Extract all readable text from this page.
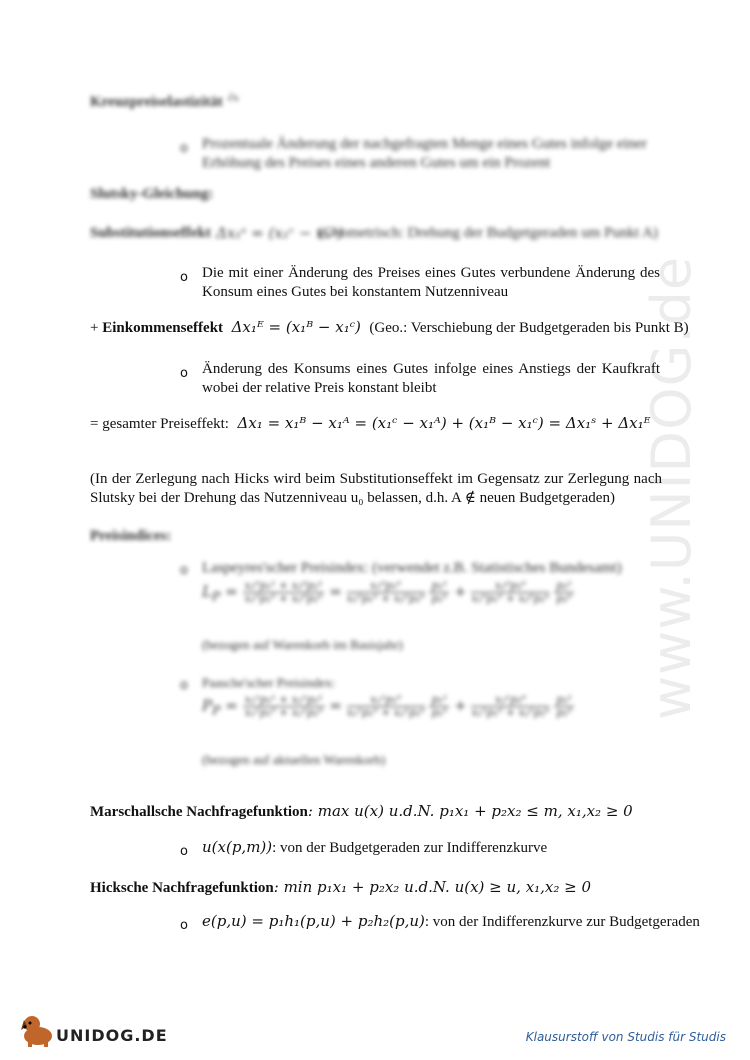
www.UNIDOG.de
Kreuzpreiselastizität ∂x
o Prozentuale Änderung der nachgefragten Menge eines Gutes infolge einer Erhöhung des Preises eines anderen Gutes um ein Prozent
Slutsky-Gleichung:
Substitutionseffekt Δx₁ˢ = (x₁ᶜ − x₁ᴬ)
(Geometrisch: Drehung der Budgetgeraden um Punkt A)
o Die mit einer Änderung des Preises eines Gutes verbundene Änderung des Konsum eines Gutes bei konstantem Nutzenniveau
+ Einkommenseffekt  Δx₁ᴱ = (x₁ᴮ − x₁ᶜ)  (Geo.: Verschiebung der Budgetgeraden bis Punkt B)
o Änderung des Konsums eines Gutes infolge eines Anstiegs der Kaufkraft wobei der relative Preis konstant bleibt
= gesamter Preiseffekt:  Δx₁ = x₁ᴮ − x₁ᴬ = (x₁ᶜ − x₁ᴬ) + (x₁ᴮ − x₁ᶜ) = Δx₁ˢ + Δx₁ᴱ
(In der Zerlegung nach Hicks wird beim Substitutionseffekt im Gegensatz zur Zerlegung nach Slutsky bei der Drehung das Nutzenniveau u₀ belassen, d.h. A ∉ neuen Budgetgeraden)
Preisindices:
o Laspeyres'scher Preisindex: (verwendet z.B. Statistisches Bundesamt)
$L_P = \frac{\text{x₁⁰p₁¹ + x₂⁰p₂¹}}{\text{x₁⁰p₁⁰ + x₂⁰p₂⁰}} = \frac{\text{x₁⁰p₁⁰}}{\text{x₁⁰p₁⁰ + x₂⁰p₂⁰}}$
$\frac{\text{p₁¹}}{\text{p₁⁰}} + \frac{\text{x₂⁰p₂⁰}}{\text{x₁⁰p₁⁰ + x₂⁰p₂⁰}}$
$\frac{\text{p₂¹}}{\text{p₂⁰}}$
(bezogen auf Warenkorb im Basisjahr)
o Paasche'scher Preisindex:
$P_P = \frac{\text{x₁¹p₁¹ + x₂¹p₂¹}}{\text{x₁¹p₁⁰ + x₂¹p₂⁰}} = \frac{\text{x₁¹p₁⁰}}{\text{x₁¹p₁⁰ + x₂¹p₂⁰}}$
$\frac{\text{p₁¹}}{\text{p₁⁰}} + \frac{\text{x₂¹p₂⁰}}{\text{x₁¹p₁⁰ + x₂¹p₂⁰}}$
$\frac{\text{p₂¹}}{\text{p₂⁰}}$
(bezogen auf aktuellen Warenkorb)
Marschallsche Nachfragefunktion: max u(x) u.d.N. p₁x₁ + p₂x₂ ≤ m, x₁,x₂ ≥ 0
o u(x(p,m)): von der Budgetgeraden zur Indifferenzkurve
Hicksche Nachfragefunktion: min p₁x₁ + p₂x₂ u.d.N. u(x) ≥ u, x₁,x₂ ≥ 0
o e(p,u) = p₁h₁(p,u) + p₂h₂(p,u): von der Indifferenzkurve zur Budgetgeraden
UNIDOG.DE	Klausurstoff von Studis für Studis
